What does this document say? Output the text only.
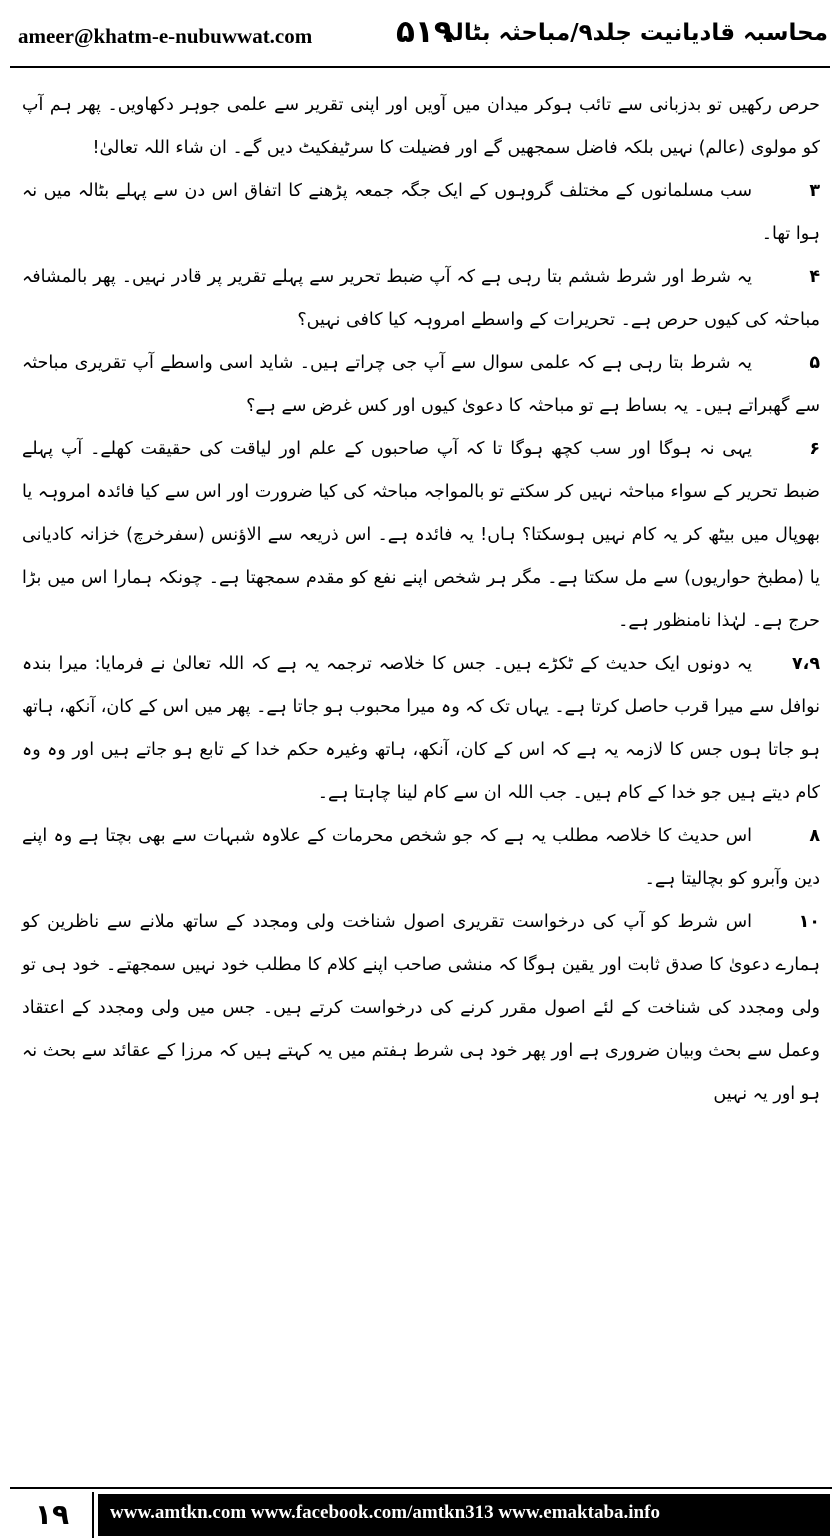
ameer@khatm-e-nubuwwat.com	۵۱۹
محاسبہ قادیانیت جلد۹/مباحثہ بٹالہ

حرص رکھیں تو بدزبانی سے تائب ہوکر میدان میں آویں اور اپنی تقریر سے علمی جوہر دکھاویں۔ پھر ہم آپ کو مولوی (عالم) نہیں بلکہ فاضل سمجھیں گے اور فضیلت کا سرٹیفکیٹ دیں گے۔ ان شاء اللہ تعالیٰ!

۳سب مسلمانوں کے مختلف گروہوں کے ایک جگہ جمعہ پڑھنے کا اتفاق اس دن سے پہلے بٹالہ میں نہ ہوا تھا۔

۴یہ شرط اور شرط ششم بتا رہی ہے کہ آپ ضبط تحریر سے پہلے تقریر پر قادر نہیں۔ پھر بالمشافہ مباحثہ کی کیوں حرص ہے۔ تحریرات کے واسطے امروہہ کیا کافی نہیں؟

۵یہ شرط بتا رہی ہے کہ علمی سوال سے آپ جی چراتے ہیں۔ شاید اسی واسطے آپ تقریری مباحثہ سے گھبراتے ہیں۔ یہ بساط ہے تو مباحثہ کا دعویٰ کیوں اور کس غرض سے ہے؟

۶یہی نہ ہوگا اور سب کچھ ہوگا تا کہ آپ صاحبوں کے علم اور لیاقت کی حقیقت کھلے۔ آپ پہلے ضبط تحریر کے سواء مباحثہ نہیں کر سکتے تو بالمواجہ مباحثہ کی کیا ضرورت اور اس سے کیا فائدہ امروہہ یا بھوپال میں بیٹھ کر یہ کام نہیں ہوسکتا؟ ہاں! یہ فائدہ ہے۔ اس ذریعہ سے الاؤنس (سفرخرچ) خزانہ کادیانی یا (مطبخ حواریوں) سے مل سکتا ہے۔ مگر ہر شخص اپنے نفع کو مقدم سمجھتا ہے۔ چونکہ ہمارا اس میں بڑا حرج ہے۔ لہٰذا نامنظور ہے۔

۷،۹یہ دونوں ایک حدیث کے ٹکڑے ہیں۔ جس کا خلاصہ ترجمہ یہ ہے کہ اللہ تعالیٰ نے فرمایا: میرا بندہ نوافل سے میرا قرب حاصل کرتا ہے۔ یہاں تک کہ وہ میرا محبوب ہو جاتا ہے۔ پھر میں اس کے کان، آنکھ، ہاتھ ہو جاتا ہوں جس کا لازمہ یہ ہے کہ اس کے کان، آنکھ، ہاتھ وغیرہ حکم خدا کے تابع ہو جاتے ہیں اور وہ وہ کام دیتے ہیں جو خدا کے کام ہیں۔ جب اللہ ان سے کام لینا چاہتا ہے۔

۸اس حدیث کا خلاصہ مطلب یہ ہے کہ جو شخص محرمات کے علاوہ شبہات سے بھی بچتا ہے وہ اپنے دین وآبرو کو بچالیتا ہے۔

۱۰اس شرط کو آپ کی درخواست تقریری اصول شناخت ولی ومجدد کے ساتھ ملانے سے ناظرین کو ہمارے دعویٰ کا صدق ثابت اور یقین ہوگا کہ منشی صاحب اپنے کلام کا مطلب خود نہیں سمجھتے۔ خود ہی تو ولی ومجدد کی شناخت کے لئے اصول مقرر کرنے کی درخواست کرتے ہیں۔ جس میں ولی ومجدد کے اعتقاد وعمل سے بحث وبیان ضروری ہے اور پھر خود ہی شرط ہفتم میں یہ کہتے ہیں کہ مرزا کے عقائد سے بحث نہ ہو اور یہ نہیں

۱۹	www.amtkn.com www.facebook.com/amtkn313 www.emaktaba.info
